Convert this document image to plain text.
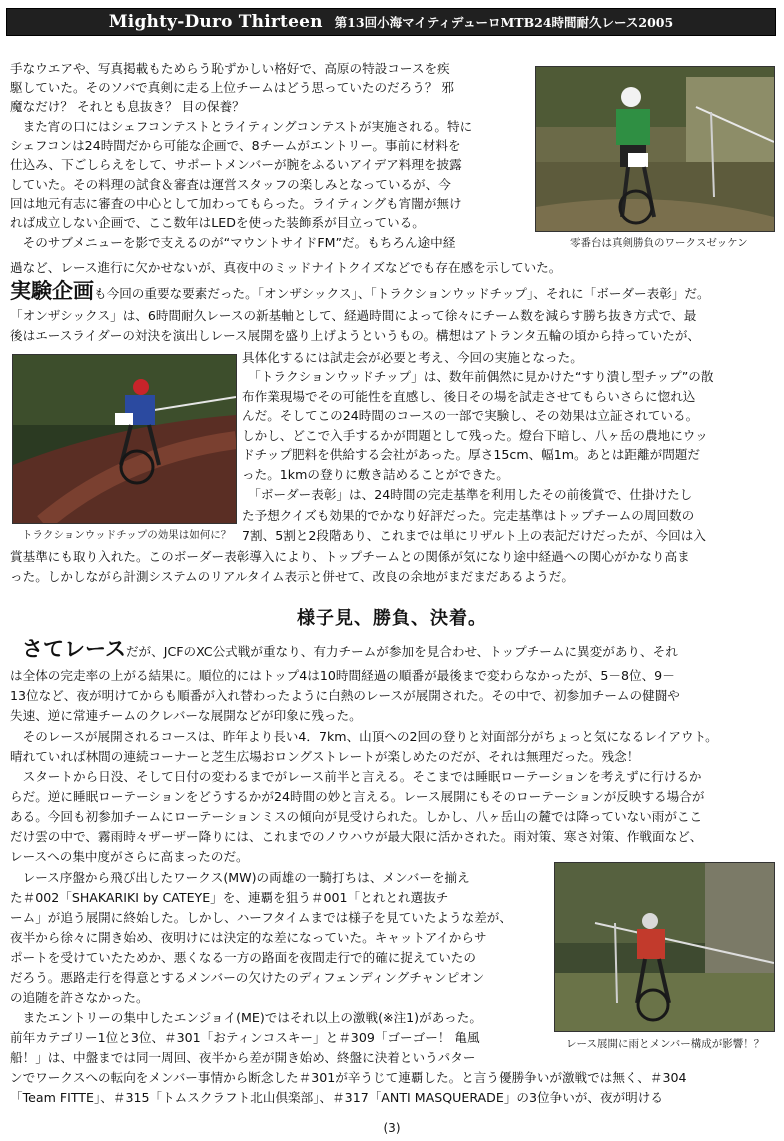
Mighty-Duro Thirteen 第13回小海マイティデューロMTB24時間耐久レース2005
零番台は真剣勝負のワークスゼッケン
トラクションウッドチップの効果は如何に？
レース展開に雨とメンバー構成が影響！？
手なウエアや、写真掲載もためらう恥ずかしい格好で、高原の特設コースを疾
駆していた。そのソバで真剣に走る上位チームはどう思っていたのだろう？ 邪
魔なだけ？ それとも息抜き？ 目の保養？
　また宵の口にはシェフコンテストとライティングコンテストが実施される。特に
シェフコンは24時間だから可能な企画で、8チームがエントリー。事前に材料を
仕込み、下ごしらえをして、サポートメンバーが腕をふるいアイデア料理を披露
していた。その料理の試食＆審査は運営スタッフの楽しみとなっているが、今
回は地元有志に審査の中心として加わってもらった。ライティングも宵闇が無け
れば成立しない企画で、ここ数年はLEDを使った装飾系が目立っている。
　そのサブメニューを影で支えるのが“マウントサイドFM”だ。もちろん途中経
過など、レース進行に欠かせないが、真夜中のミッドナイトクイズなどでも存在感を示していた。
実験企画も今回の重要な要素だった。「オンザシックス」、「トラクションウッドチップ」、それに「ボーダー表彰」だ。
「オンザシックス」は、6時間耐久レースの新基軸として、経過時間によって徐々にチーム数を減らす勝ち抜き方式で、最
後はエースライダーの対決を演出しレース展開を盛り上げようというもの。構想はアトランタ五輪の頃から持っていたが、
具体化するには試走会が必要と考え、今回の実施となった。
　「トラクションウッドチップ」は、数年前偶然に見かけた“すり潰し型チップ”の散
布作業現場でその可能性を直感し、後日その場を試走させてもらいさらに惚れ込
んだ。そしてこの24時間のコースの一部で実験し、その効果は立証されている。
しかし、どこで入手するかが問題として残った。燈台下暗し、八ヶ岳の農地にウッ
ドチップ肥料を供給する会社があった。厚さ15cm、幅1m。あとは距離が問題だ
った。1kmの登りに敷き詰めることができた。
　「ボーダー表彰」は、24時間の完走基準を利用したその前後賞で、仕掛けたし
た予想クイズも効果的でかなり好評だった。完走基準はトップチームの周回数の
7割、5割と2段階あり、これまでは単にリザルト上の表記だけだったが、今回は入
賞基準にも取り入れた。このボーダー表彰導入により、トップチームとの関係が気になり途中経過への関心がかなり高ま
った。しかしながら計測システムのリアルタイム表示と併せて、改良の余地がまだまだあるようだ。
様子見、勝負、決着。
さてレースだが、JCFのXC公式戦が重なり、有力チームが参加を見合わせ、トップチームに異変があり、それ
は全体の完走率の上がる結果に。順位的にはトップ4は10時間経過の順番が最後まで変わらなかったが、5－8位、9－
13位など、夜が明けてからも順番が入れ替わったように白熱のレースが展開された。その中で、初参加チームの健闘や
失速、逆に常連チームのクレバーな展開などが印象に残った。
　そのレースが展開されるコースは、昨年より長い4．7km、山頂への2回の登りと対面部分がちょっと気になるレイアウト。
晴れていれば林間の連続コーナーと芝生広場おロングストレートが楽しめたのだが、それは無理だった。残念！
　スタートから日没、そして日付の変わるまでがレース前半と言える。そこまでは睡眠ローテーションを考えずに行けるか
らだ。逆に睡眠ローテーションをどうするかが24時間の妙と言える。レース展開にもそのローテーションが反映する場合が
ある。今回も初参加チームにローテーションミスの傾向が見受けられた。しかし、八ヶ岳山の麓では降っていない雨がここ
だけ雲の中で、霧雨時々ザーザー降りには、これまでのノウハウが最大限に活かされた。雨対策、寒さ対策、作戦面など、
レースへの集中度がさらに高まったのだ。
　レース序盤から飛び出したワークス(MW)の両雄の一騎打ちは、メンバーを揃え
た＃002「SHAKARIKI by CATEYE」を、連覇を狙う＃001「とれとれ選抜チ
ーム」が追う展開に終始した。しかし、ハーフタイムまでは様子を見ていたような差が、
夜半から徐々に開き始め、夜明けには決定的な差になっていた。キャットアイからサ
ポートを受けていたためか、悪くなる一方の路面を夜間走行で的確に捉えていたの
だろう。悪路走行を得意とするメンバーの欠けたのディフェンディングチャンピオン
の追随を許さなかった。
　またエントリーの集中したエンジョイ(ME)ではそれ以上の激戦(※注1)があった。
前年カテゴリー1位と3位、＃301「おティンコスキー」と＃309「ゴーゴー！ 亀風
船！」は、中盤までは同一周回、夜半から差が開き始め、終盤に決着というパター
ンでワークスへの転向をメンバー事情から断念した＃301が辛うじて連覇した。と言う優勝争いが激戦では無く、＃304
「Team FITTE」、＃315「トムスクラフト北山倶楽部」、＃317「ANTI MASQUERADE」の3位争いが、夜が明ける
(3)
